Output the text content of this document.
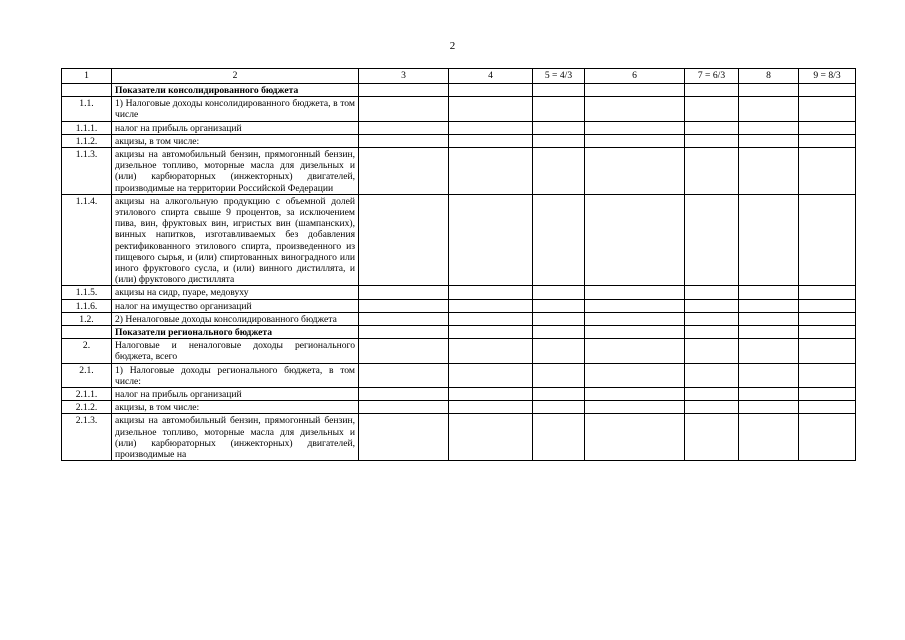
2
1	2	3	4	5 = 4/3	6	7 = 6/3	8	9 = 8/3
	Показатели консолидированного бюджета							
1.1.	1) Налоговые доходы консолидированного бюджета, в том числе							
1.1.1.	налог на прибыль организаций							
1.1.2.	акцизы, в том числе:							
1.1.3.	акцизы на автомобильный бензин, прямогонный бензин, дизельное топливо, моторные масла для дизельных и (или) карбюраторных (инжекторных) двигателей, производимые на территории Российской Федерации							
1.1.4.	акцизы на алкогольную продукцию с объемной долей этилового спирта свыше 9 процентов, за исключением пива, вин, фруктовых вин, игристых вин (шампанских), винных напитков, изготавливаемых без добавления ректификованного этилового спирта, произведенного из пищевого сырья, и (или) спиртованных виноградного или иного фруктового сусла, и (или) винного дистиллята, и (или) фруктового дистиллята							
1.1.5.	акцизы на сидр, пуаре, медовуху							
1.1.6.	налог на имущество организаций							
1.2.	2) Неналоговые доходы консолидированного бюджета							
	Показатели регионального бюджета							
2.	Налоговые и неналоговые доходы регионального бюджета, всего							
2.1.	1) Налоговые доходы регионального бюджета, в том числе:							
2.1.1.	налог на прибыль организаций							
2.1.2.	акцизы, в том числе:							
2.1.3.	акцизы на автомобильный бензин, прямогонный бензин, дизельное топливо, моторные масла для дизельных и (или) карбюраторных (инжекторных) двигателей, производимые на							
